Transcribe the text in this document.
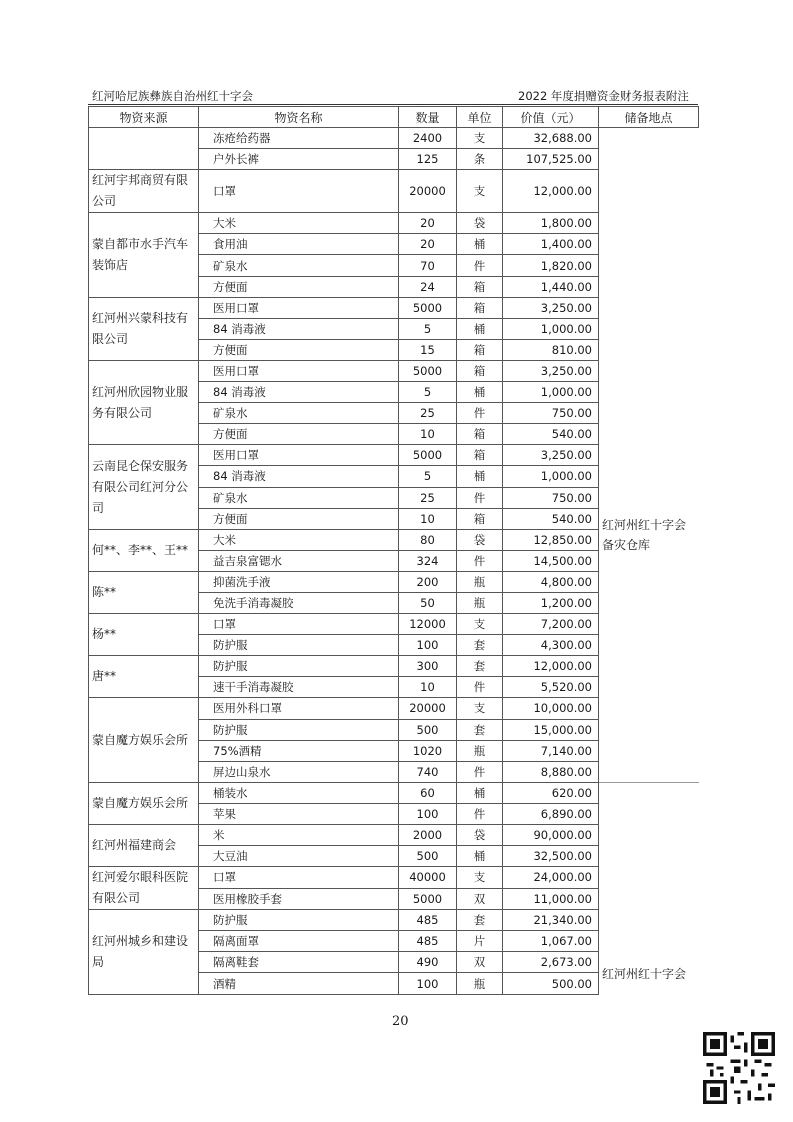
红河哈尼族彝族自治州红十字会	2022 年度捐赠资金财务报表附注
物资来源	物资名称	数量	单位	价值（元）	储备地点
	冻疮给药器	2400	支	32,688.00	红河州红十字会备灾仓库
	户外长裤	125	条	107,525.00	
红河宇邦商贸有限公司	口罩	20000	支	12,000.00	
蒙自都市水手汽车装饰店	大米	20	袋	1,800.00	
	食用油	20	桶	1,400.00	
	矿泉水	70	件	1,820.00	
	方便面	24	箱	1,440.00	
红河州兴蒙科技有限公司	医用口罩	5000	箱	3,250.00	
	84 消毒液	5	桶	1,000.00	
	方便面	15	箱	810.00	
红河州欣园物业服务有限公司	医用口罩	5000	箱	3,250.00	
	84 消毒液	5	桶	1,000.00	
	矿泉水	25	件	750.00	
	方便面	10	箱	540.00	
云南昆仑保安服务有限公司红河分公司	医用口罩	5000	箱	3,250.00	
	84 消毒液	5	桶	1,000.00	
	矿泉水	25	件	750.00	
	方便面	10	箱	540.00	
何**、李**、王**	大米	80	袋	12,850.00	
	益吉泉富锶水	324	件	14,500.00	
陈**	抑菌洗手液	200	瓶	4,800.00	
	免洗手消毒凝胶	50	瓶	1,200.00	
杨**	口罩	12000	支	7,200.00	
	防护服	100	套	4,300.00	
唐**	防护服	300	套	12,000.00	
	速干手消毒凝胶	10	件	5,520.00	
蒙自魔方娱乐会所	医用外科口罩	20000	支	10,000.00	
	防护服	500	套	15,000.00	
	75%酒精	1020	瓶	7,140.00	
	屏边山泉水	740	件	8,880.00	
蒙自魔方娱乐会所	桶装水	60	桶	620.00	红河州红十字会
	苹果	100	件	6,890.00	
红河州福建商会	米	2000	袋	90,000.00	
	大豆油	500	桶	32,500.00	
红河爱尔眼科医院有限公司	口罩	40000	支	24,000.00	
	医用橡胶手套	5000	双	11,000.00	
红河州城乡和建设局	防护服	485	套	21,340.00	
	隔离面罩	485	片	1,067.00	
	隔离鞋套	490	双	2,673.00	
	酒精	100	瓶	500.00	
20
